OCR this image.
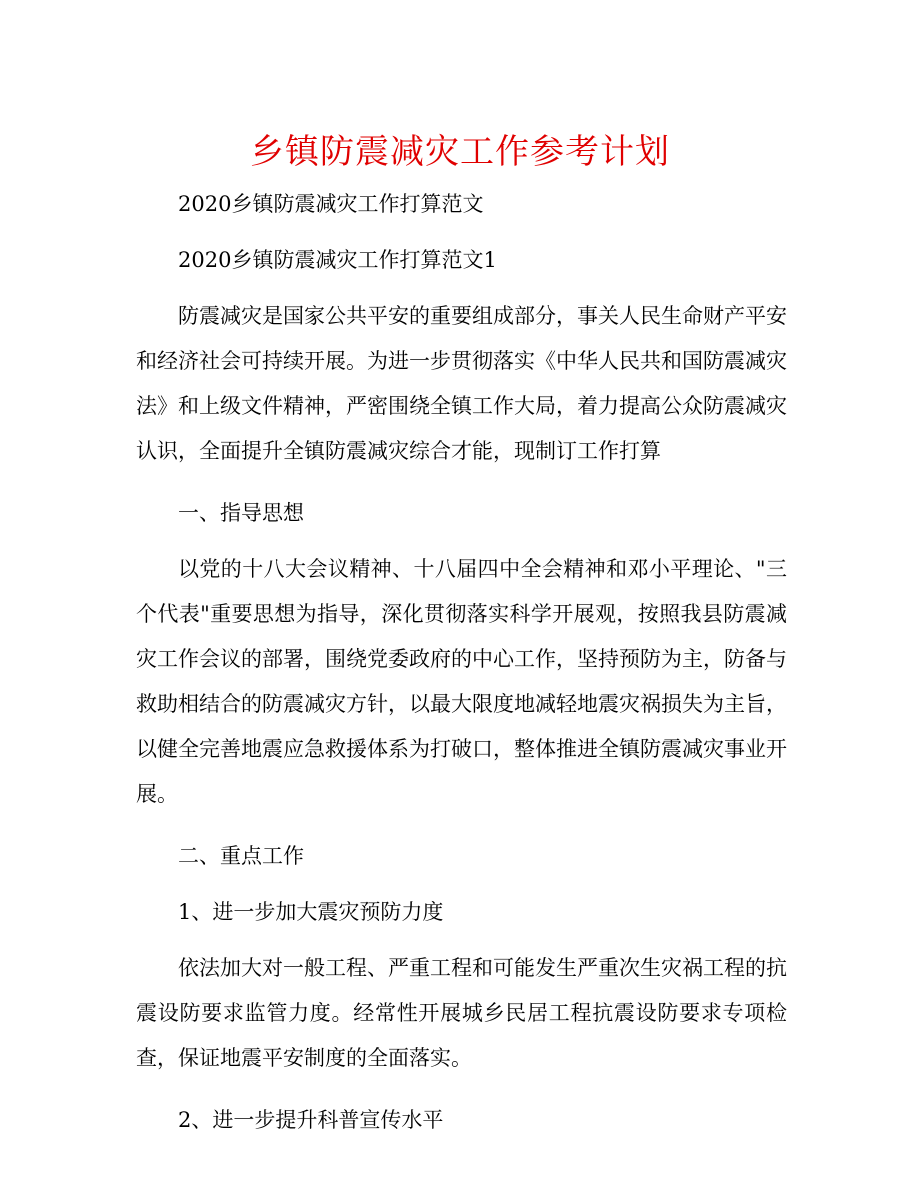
乡镇防震减灾工作参考计划

2020乡镇防震减灾工作打算范文

2020乡镇防震减灾工作打算范文1

防震减灾是国家公共平安的重要组成部分，事关人民生命财产平安和经济社会可持续开展。为进一步贯彻落实《中华人民共和国防震减灾法》和上级文件精神，严密围绕全镇工作大局，着力提高公众防震减灾认识，全面提升全镇防震减灾综合才能，现制订工作打算

一、指导思想

以党的十八大会议精神、十八届四中全会精神和邓小平理论、"三个代表"重要思想为指导，深化贯彻落实科学开展观，按照我县防震减灾工作会议的部署，围绕党委政府的中心工作，坚持预防为主，防备与救助相结合的防震减灾方针，以最大限度地减轻地震灾祸损失为主旨，以健全完善地震应急救援体系为打破口，整体推进全镇防震减灾事业开展。

二、重点工作

1、进一步加大震灾预防力度

依法加大对一般工程、严重工程和可能发生严重次生灾祸工程的抗震设防要求监管力度。经常性开展城乡民居工程抗震设防要求专项检查，保证地震平安制度的全面落实。

2、进一步提升科普宣传水平
